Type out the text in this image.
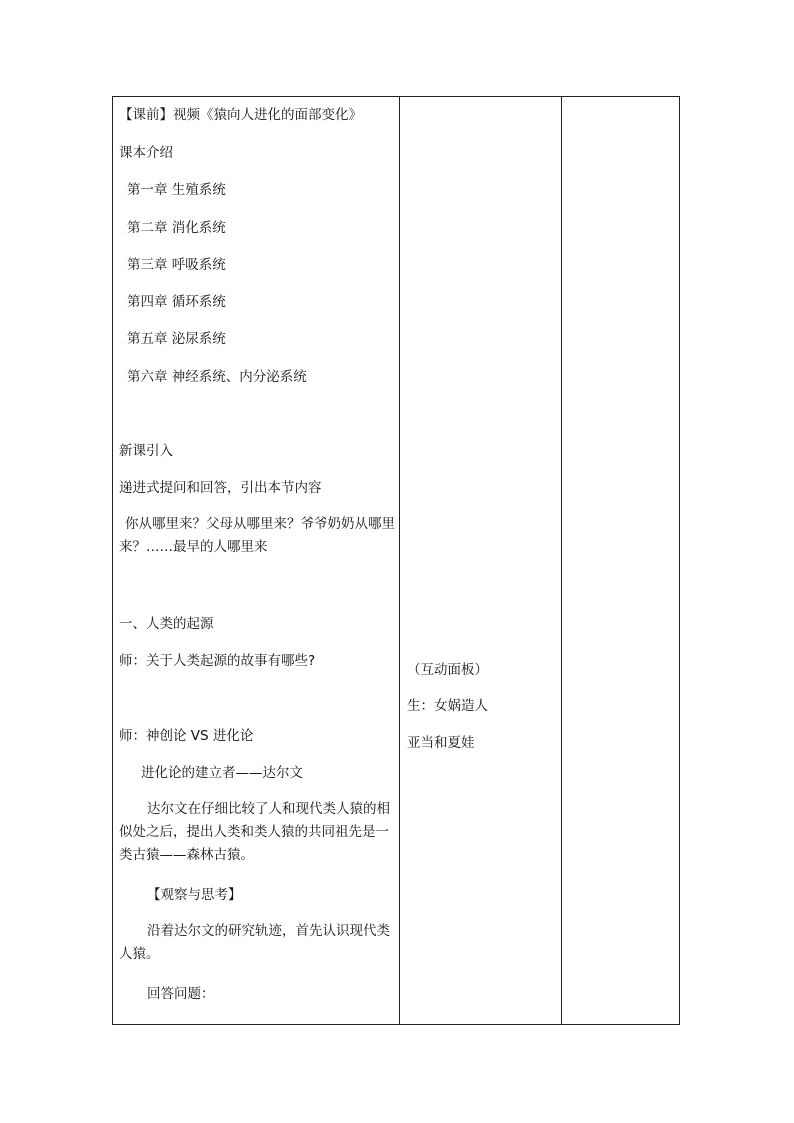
【课前】视频《猿向人进化的面部变化》
课本介绍
第一章 生殖系统
第二章 消化系统
第三章 呼吸系统
第四章 循环系统
第五章 泌尿系统
第六章 神经系统、内分泌系统
新课引入
递进式提问和回答，引出本节内容
你从哪里来？父母从哪里来？爷爷奶奶从哪里来？……最早的人哪里来
一、人类的起源
师：关于人类起源的故事有哪些?
师：神创论 VS 进化论
进化论的建立者——达尔文
达尔文在仔细比较了人和现代类人猿的相似处之后，提出人类和类人猿的共同祖先是一类古猿——森林古猿。
【观察与思考】
沿着达尔文的研究轨迹，首先认识现代类人猿。
回答问题：
（互动面板）
生：女娲造人
亚当和夏娃
